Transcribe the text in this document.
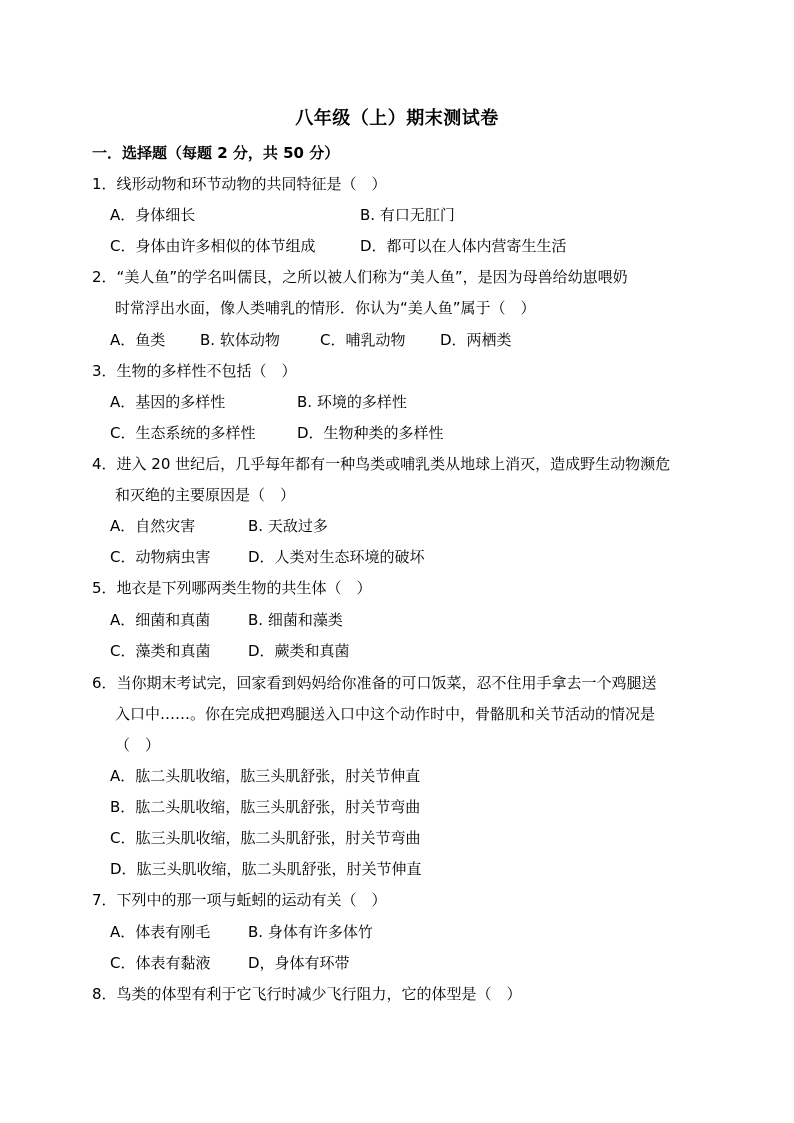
八年级（上）期末测试卷
一．选择题（每题 2 分，共 50 分）
1．线形动物和环节动物的共同特征是（　）
A．身体细长	B. 有口无肛门
C．身体由许多相似的体节组成	D．都可以在人体内营寄生生活
2．“美人鱼”的学名叫儒艮，之所以被人们称为“美人鱼”，是因为母兽给幼崽喂奶
时常浮出水面，像人类哺乳的情形．你认为“美人鱼”属于（　）
A．鱼类 B. 软体动物	C．哺乳动物 D．两栖类
3．生物的多样性不包括（　）
A．基因的多样性	B. 环境的多样性
C．生态系统的多样性	D．生物种类的多样性
4．进入 20 世纪后，几乎每年都有一种鸟类或哺乳类从地球上消灭，造成野生动物濒危
和灭绝的主要原因是（　）
A．自然灾害	B. 天敌过多
C．动物病虫害	D．人类对生态环境的破坏
5．地衣是下列哪两类生物的共生体（　）
A．细菌和真菌	B. 细菌和藻类
C．藻类和真菌	D．蕨类和真菌
6．当你期末考试完，回家看到妈妈给你准备的可口饭菜，忍不住用手拿去一个鸡腿送
入口中……。你在完成把鸡腿送入口中这个动作时中，骨骼肌和关节活动的情况是
（　）
A．肱二头肌收缩，肱三头肌舒张，肘关节伸直
B．肱二头肌收缩，肱三头肌舒张，肘关节弯曲
C．肱三头肌收缩，肱二头肌舒张，肘关节弯曲
D．肱三头肌收缩，肱二头肌舒张，肘关节伸直
7．下列中的那一项与蚯蚓的运动有关（　）
A．体表有刚毛	B. 身体有许多体竹
C．体表有黏液	D，身体有环带
8．鸟类的体型有利于它飞行时减少飞行阻力，它的体型是（　）
